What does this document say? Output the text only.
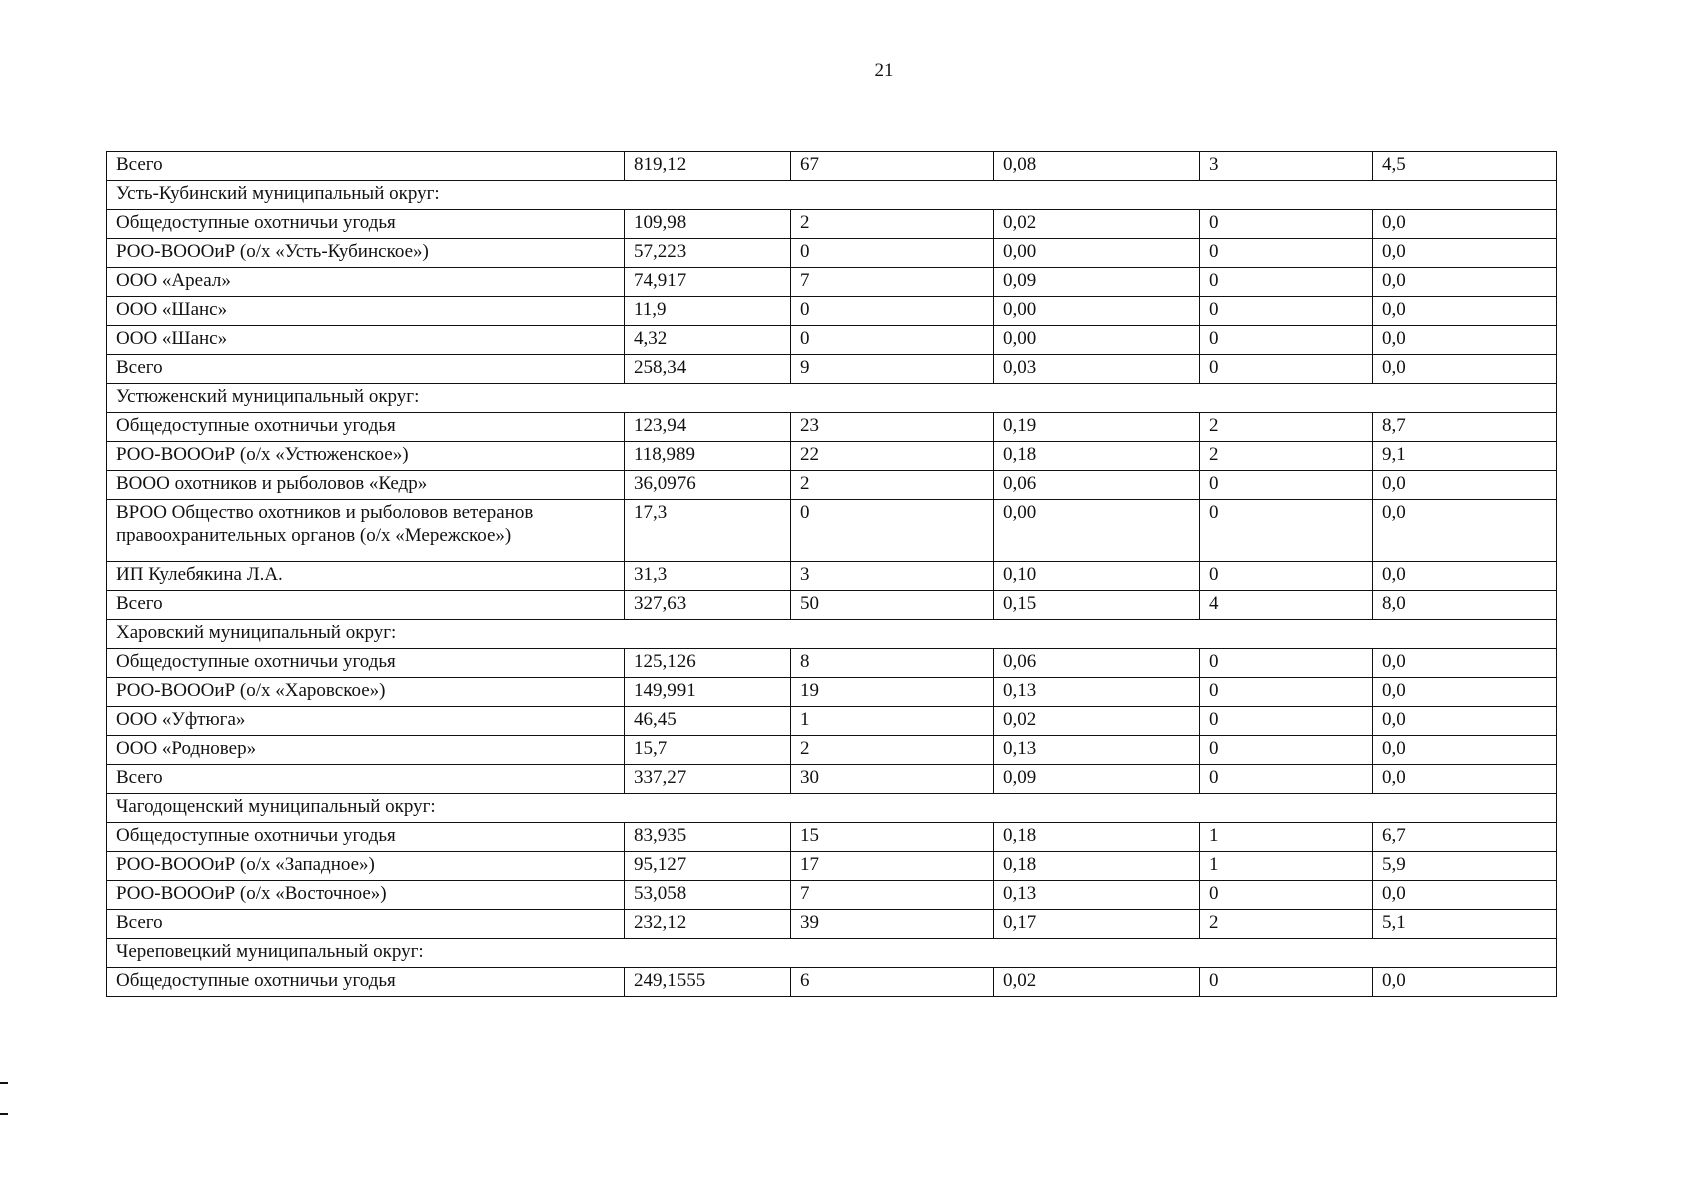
21
Всего	819,12	67	0,08	3	4,5
Усть-Кубинский муниципальный округ:					
Общедоступные охотничьи угодья	109,98	2	0,02	0	0,0
РОО-ВОООиР (о/х «Усть-Кубинское»)	57,223	0	0,00	0	0,0
ООО «Ареал»	74,917	7	0,09	0	0,0
ООО «Шанс»	11,9	0	0,00	0	0,0
ООО «Шанс»	4,32	0	0,00	0	0,0
Всего	258,34	9	0,03	0	0,0
Устюженский муниципальный округ:					
Общедоступные охотничьи угодья	123,94	23	0,19	2	8,7
РОО-ВОООиР (о/х «Устюженское»)	118,989	22	0,18	2	9,1
ВООО охотников и рыболовов «Кедр»	36,0976	2	0,06	0	0,0
ВРОО Общество охотников и рыболовов ветеранов правоохранительных органов (о/х «Мережское»)	17,3	0	0,00	0	0,0
ИП Кулебякина Л.А.	31,3	3	0,10	0	0,0
Всего	327,63	50	0,15	4	8,0
Харовский муниципальный округ:					
Общедоступные охотничьи угодья	125,126	8	0,06	0	0,0
РОО-ВОООиР (о/х «Харовское»)	149,991	19	0,13	0	0,0
ООО «Уфтюга»	46,45	1	0,02	0	0,0
ООО «Родновер»	15,7	2	0,13	0	0,0
Всего	337,27	30	0,09	0	0,0
Чагодощенский муниципальный округ:					
Общедоступные охотничьи угодья	83,935	15	0,18	1	6,7
РОО-ВОООиР (о/х «Западное»)	95,127	17	0,18	1	5,9
РОО-ВОООиР (о/х «Восточное»)	53,058	7	0,13	0	0,0
Всего	232,12	39	0,17	2	5,1
Череповецкий муниципальный округ:					
Общедоступные охотничьи угодья	249,1555	6	0,02	0	0,0
